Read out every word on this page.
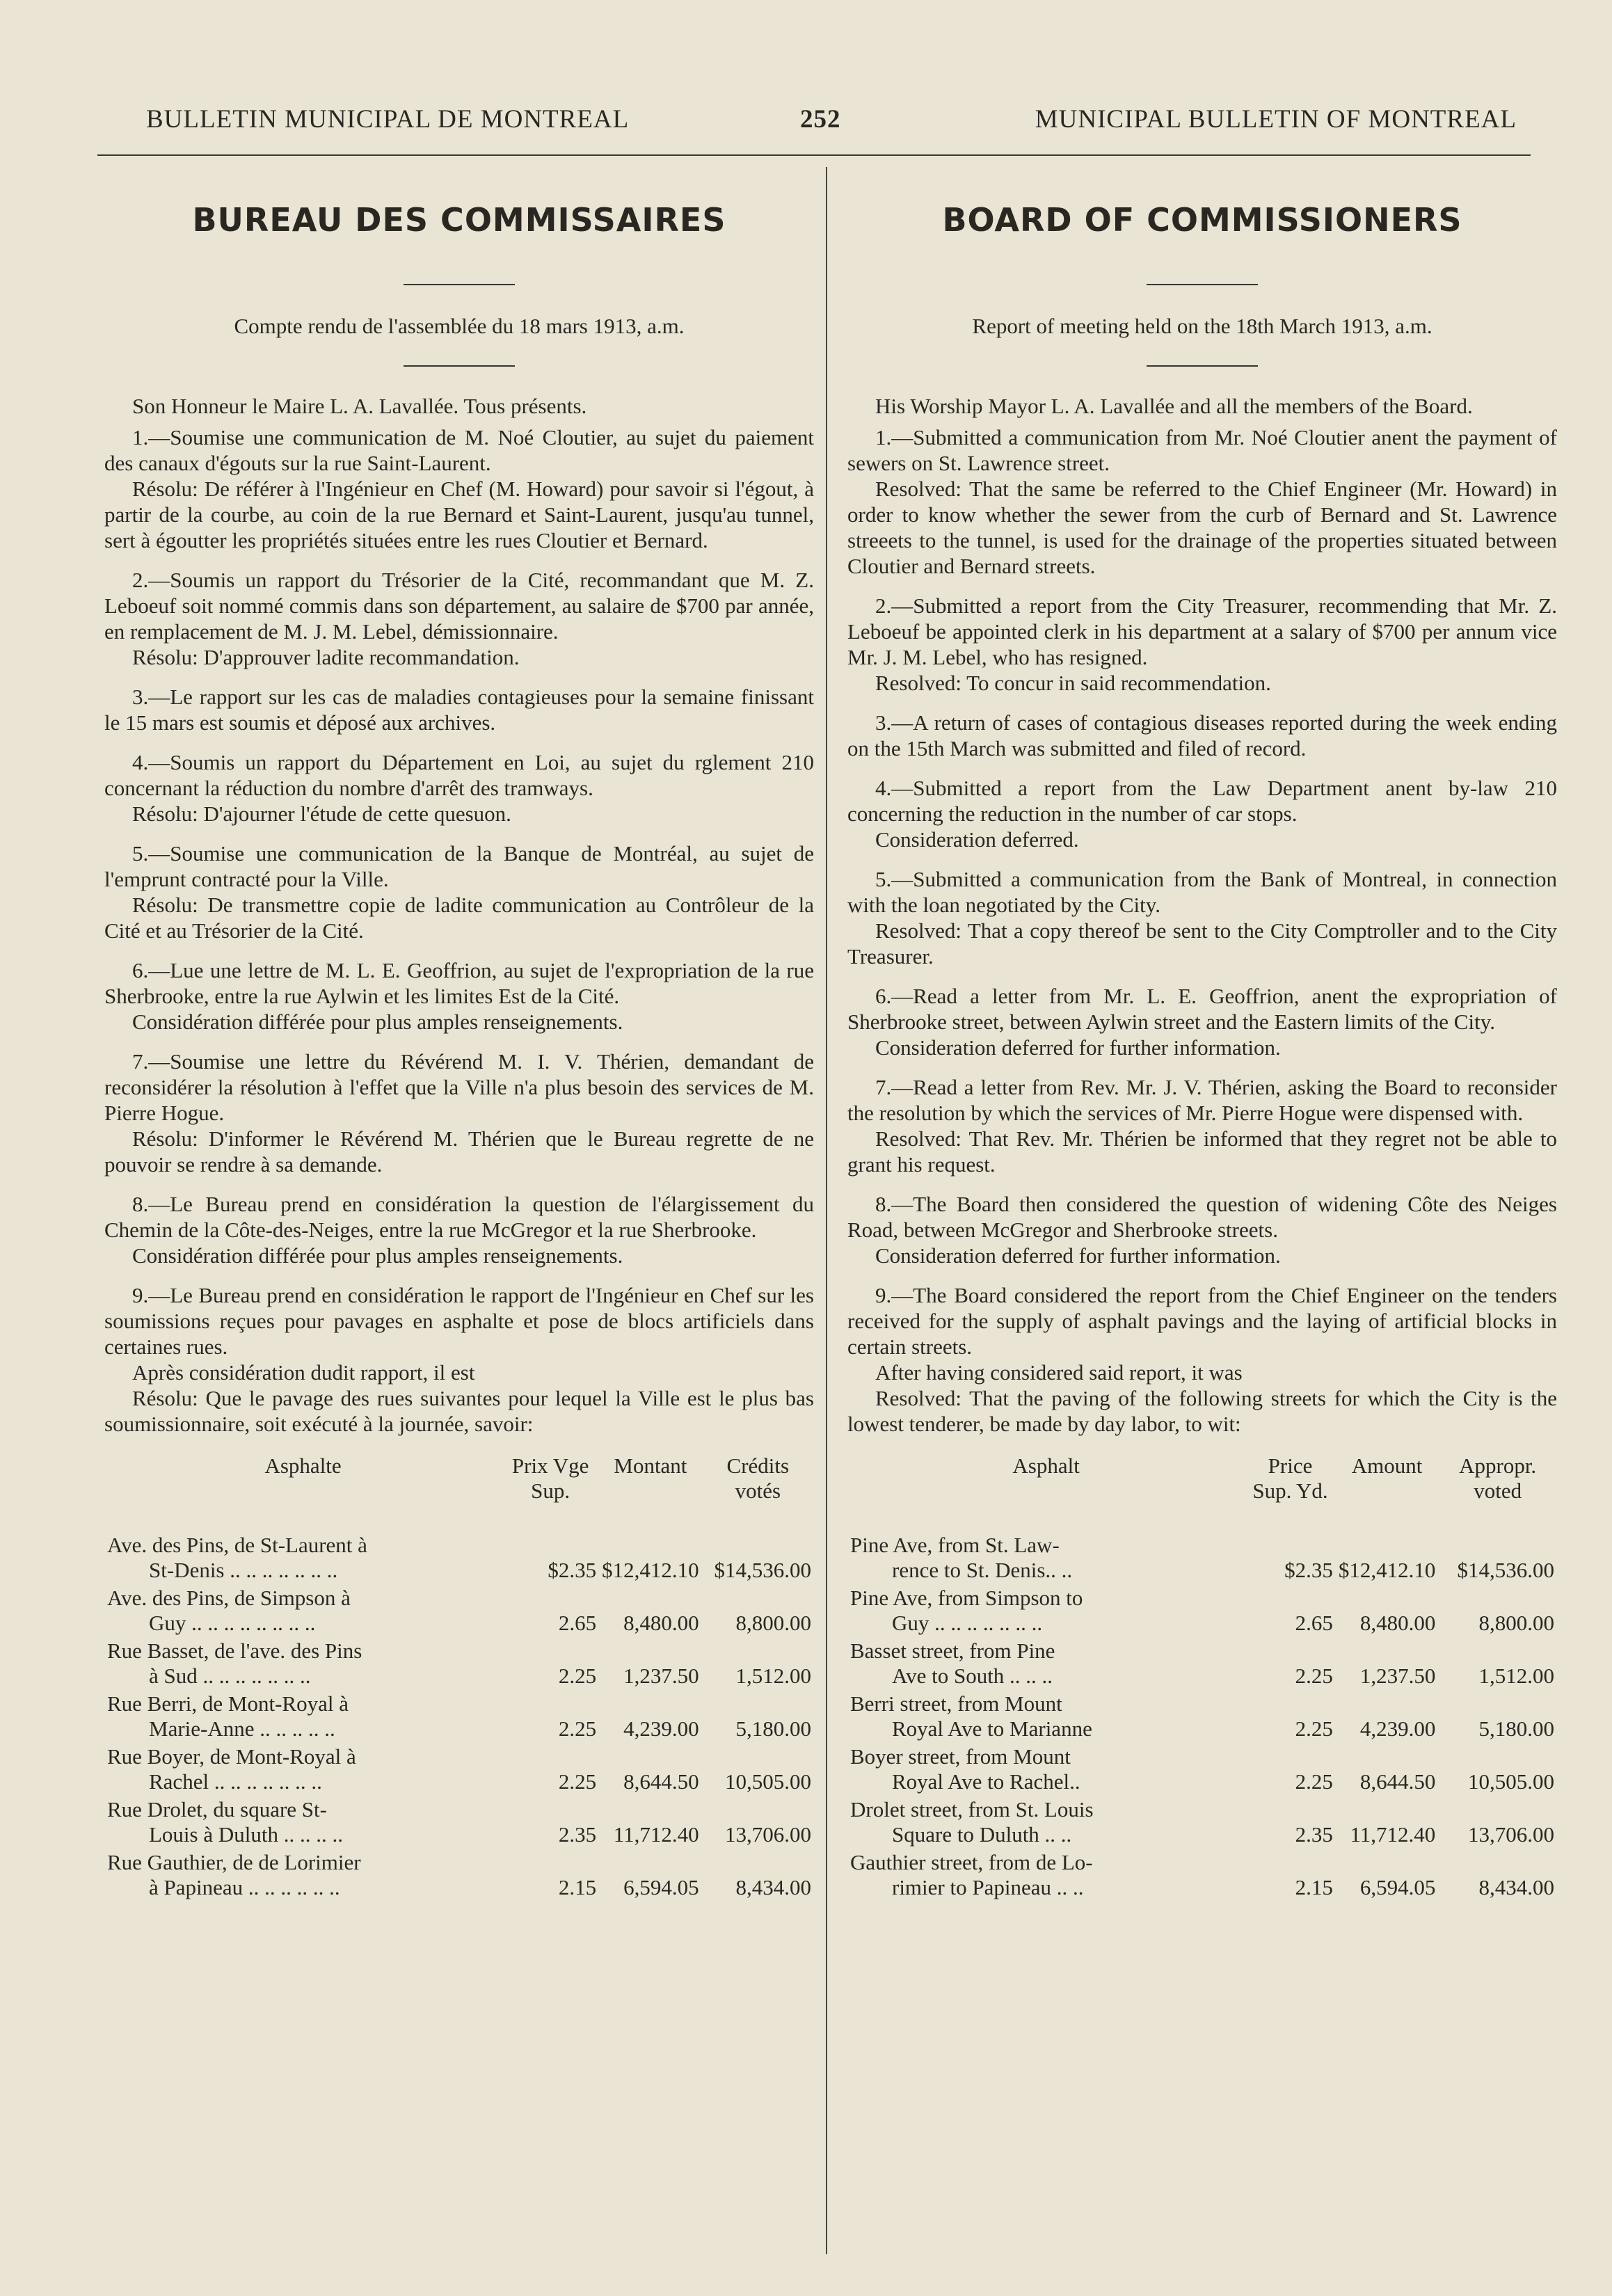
BULLETIN MUNICIPAL DE MONTREAL	252	MUNICIPAL BULLETIN OF MONTREAL
BUREAU DES COMMISSAIRES

Compte rendu de l'assemblée du 18 mars 1913, a.m.

Son Honneur le Maire L. A. Lavallée. Tous présents.

1.—Soumise une communication de M. Noé Cloutier, au sujet du paiement des canaux d'égouts sur la rue Saint-Laurent.

Résolu: De référer à l'Ingénieur en Chef (M. Howard) pour savoir si l'égout, à partir de la courbe, au coin de la rue Bernard et Saint-Laurent, jusqu'au tunnel, sert à égoutter les propriétés situées entre les rues Cloutier et Bernard.

2.—Soumis un rapport du Trésorier de la Cité, recommandant que M. Z. Leboeuf soit nommé commis dans son département, au salaire de $700 par année, en remplacement de M. J. M. Lebel, démissionnaire.

Résolu: D'approuver ladite recommandation.

3.—Le rapport sur les cas de maladies contagieuses pour la semaine finissant le 15 mars est soumis et déposé aux archives.

4.—Soumis un rapport du Département en Loi, au sujet du rglement 210 concernant la réduction du nombre d'arrêt des tramways.

Résolu: D'ajourner l'étude de cette quesuon.

5.—Soumise une communication de la Banque de Montréal, au sujet de l'emprunt contracté pour la Ville.

Résolu: De transmettre copie de ladite communication au Contrôleur de la Cité et au Trésorier de la Cité.

6.—Lue une lettre de M. L. E. Geoffrion, au sujet de l'expropriation de la rue Sherbrooke, entre la rue Aylwin et les limites Est de la Cité.

Considération différée pour plus amples renseignements.

7.—Soumise une lettre du Révérend M. I. V. Thérien, demandant de reconsidérer la résolution à l'effet que la Ville n'a plus besoin des services de M. Pierre Hogue.

Résolu: D'informer le Révérend M. Thérien que le Bureau regrette de ne pouvoir se rendre à sa demande.

8.—Le Bureau prend en considération la question de l'élargissement du Chemin de la Côte-des-Neiges, entre la rue McGregor et la rue Sherbrooke.

Considération différée pour plus amples renseignements.

9.—Le Bureau prend en considération le rapport de l'Ingénieur en Chef sur les soumissions reçues pour pavages en asphalte et pose de blocs artificiels dans certaines rues.

Après considération dudit rapport, il est

Résolu: Que le pavage des rues suivantes pour lequel la Ville est le plus bas soumissionnaire, soit exécuté à la journée, savoir:

Asphalte	Prix Vge Sup.	Montant	Crédits votés

Ave. des Pins, de St-Laurent à
St-Denis .. .. .. .. .. .. ..	$2.35	$12,412.10	$14,536.00

Ave. des Pins, de Simpson à
Guy .. .. .. .. .. .. .. ..	2.65	8,480.00	8,800.00

Rue Basset, de l'ave. des Pins
à Sud .. .. .. .. .. .. ..	2.25	1,237.50	1,512.00

Rue Berri, de Mont-Royal à
Marie-Anne .. .. .. .. ..	2.25	4,239.00	5,180.00

Rue Boyer, de Mont-Royal à
Rachel .. .. .. .. .. .. ..	2.25	8,644.50	10,505.00

Rue Drolet, du square St-
Louis à Duluth .. .. .. ..	2.35	11,712.40	13,706.00

Rue Gauthier, de de Lorimier
à Papineau .. .. .. .. .. ..	2.15	6,594.05	8,434.00
BOARD OF COMMISSIONERS

Report of meeting held on the 18th March 1913, a.m.

His Worship Mayor L. A. Lavallée and all the members of the Board.

1.—Submitted a communication from Mr. Noé Cloutier anent the payment of sewers on St. Lawrence street.

Resolved: That the same be referred to the Chief Engineer (Mr. Howard) in order to know whether the sewer from the curb of Bernard and St. Lawrence streeets to the tunnel, is used for the drainage of the properties situated between Cloutier and Bernard streets.

2.—Submitted a report from the City Treasurer, recommending that Mr. Z. Leboeuf be appointed clerk in his department at a salary of $700 per annum vice Mr. J. M. Lebel, who has resigned.

Resolved: To concur in said recommendation.

3.—A return of cases of contagious diseases reported during the week ending on the 15th March was submitted and filed of record.

4.—Submitted a report from the Law Department anent by-law 210 concerning the reduction in the number of car stops.

Consideration deferred.

5.—Submitted a communication from the Bank of Montreal, in connection with the loan negotiated by the City.

Resolved: That a copy thereof be sent to the City Comptroller and to the City Treasurer.

6.—Read a letter from Mr. L. E. Geoffrion, anent the expropriation of Sherbrooke street, between Aylwin street and the Eastern limits of the City.

Consideration deferred for further information.

7.—Read a letter from Rev. Mr. J. V. Thérien, asking the Board to reconsider the resolution by which the services of Mr. Pierre Hogue were dispensed with.

Resolved: That Rev. Mr. Thérien be informed that they regret not be able to grant his request.

8.—The Board then considered the question of widening Côte des Neiges Road, between McGregor and Sherbrooke streets.

Consideration deferred for further information.

9.—The Board considered the report from the Chief Engineer on the tenders received for the supply of asphalt pavings and the laying of artificial blocks in certain streets.

After having considered said report, it was

Resolved: That the paving of the following streets for which the City is the lowest tenderer, be made by day labor, to wit:

Asphalt	Price Sup. Yd.	Amount	Appropr. voted

Pine Ave, from St. Law-
rence to St. Denis.. ..	$2.35	$12,412.10	$14,536.00

Pine Ave, from Simpson to
Guy .. .. .. .. .. .. ..	2.65	8,480.00	8,800.00

Basset street, from Pine
Ave to South .. .. ..	2.25	1,237.50	1,512.00

Berri street, from Mount
Royal Ave to Marianne	2.25	4,239.00	5,180.00

Boyer street, from Mount
Royal Ave to Rachel..	2.25	8,644.50	10,505.00

Drolet street, from St. Louis
Square to Duluth .. ..	2.35	11,712.40	13,706.00

Gauthier street, from de Lo-
rimier to Papineau .. ..	2.15	6,594.05	8,434.00
